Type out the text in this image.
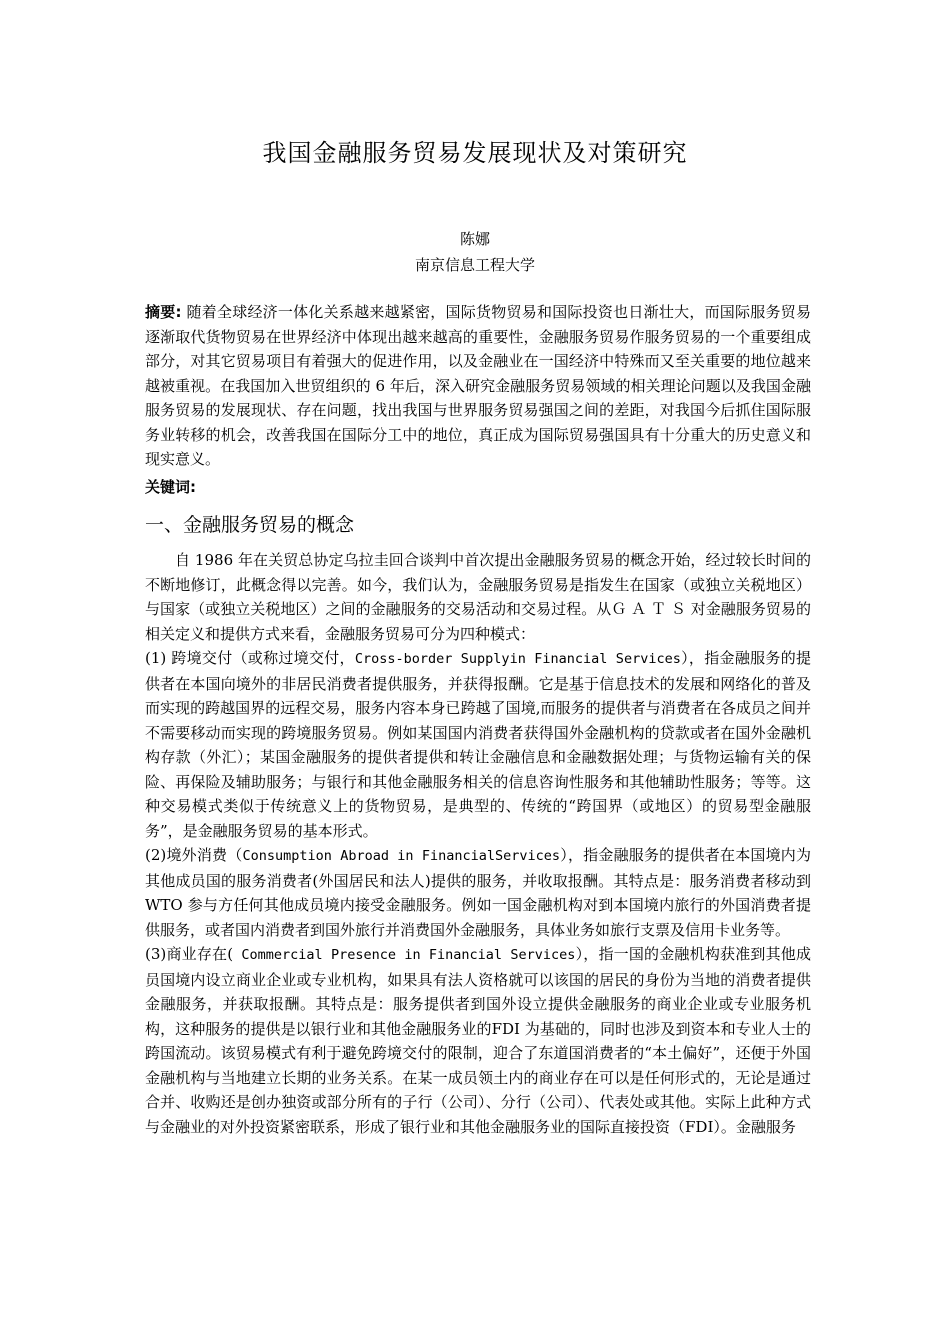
我国金融服务贸易发展现状及对策研究
陈娜
南京信息工程大学
摘要: 随着全球经济一体化关系越来越紧密，国际货物贸易和国际投资也日渐壮大，而国际服务贸易逐渐取代货物贸易在世界经济中体现出越来越高的重要性，金融服务贸易作服务贸易的一个重要组成部分，对其它贸易项目有着强大的促进作用，以及金融业在一国经济中特殊而又至关重要的地位越来越被重视。在我国加入世贸组织的 6 年后，深入研究金融服务贸易领域的相关理论问题以及我国金融服务贸易的发展现状、存在问题，找出我国与世界服务贸易强国之间的差距，对我国今后抓住国际服务业转移的机会，改善我国在国际分工中的地位，真正成为国际贸易强国具有十分重大的历史意义和现实意义。
关键词:
一、金融服务贸易的概念

自 1986 年在关贸总协定乌拉圭回合谈判中首次提出金融服务贸易的概念开始，经过较长时间的不断地修订，此概念得以完善。如今，我们认为，金融服务贸易是指发生在国家（或独立关税地区）与国家（或独立关税地区）之间的金融服务的交易活动和交易过程。从Ｇ Ａ Ｔ Ｓ 对金融服务贸易的相关定义和提供方式来看，金融服务贸易可分为四种模式：

(1) 跨境交付（或称过境交付，Cross-border Supplyin Financial Services），指金融服务的提供者在本国向境外的非居民消费者提供服务，并获得报酬。它是基于信息技术的发展和网络化的普及而实现的跨越国界的远程交易，服务内容本身已跨越了国境,而服务的提供者与消费者在各成员之间并不需要移动而实现的跨境服务贸易。例如某国国内消费者获得国外金融机构的贷款或者在国外金融机构存款（外汇）；某国金融服务的提供者提供和转让金融信息和金融数据处理；与货物运输有关的保险、再保险及辅助服务；与银行和其他金融服务相关的信息咨询性服务和其他辅助性服务；等等。这种交易模式类似于传统意义上的货物贸易，是典型的、传统的“跨国界（或地区）的贸易型金融服务”，是金融服务贸易的基本形式。

(2)境外消费（Consumption Abroad in FinancialServices），指金融服务的提供者在本国境内为其他成员国的服务消费者(外国居民和法人)提供的服务，并收取报酬。其特点是：服务消费者移动到WTO 参与方任何其他成员境内接受金融服务。例如一国金融机构对到本国境内旅行的外国消费者提供服务，或者国内消费者到国外旅行并消费国外金融服务，具体业务如旅行支票及信用卡业务等。

(3)商业存在( Commercial Presence in Financial Services），指一国的金融机构获准到其他成员国境内设立商业企业或专业机构，如果具有法人资格就可以该国的居民的身份为当地的消费者提供金融服务，并获取报酬。其特点是：服务提供者到国外设立提供金融服务的商业企业或专业服务机构，这种服务的提供是以银行业和其他金融服务业的FDI 为基础的，同时也涉及到资本和专业人士的跨国流动。该贸易模式有利于避免跨境交付的限制，迎合了东道国消费者的“本土偏好”，还便于外国金融机构与当地建立长期的业务关系。在某一成员领土内的商业存在可以是任何形式的，无论是通过合并、收购还是创办独资或部分所有的子行（公司）、分行（公司）、代表处或其他。实际上此种方式与金融业的对外投资紧密联系，形成了银行业和其他金融服务业的国际直接投资（FDI）。金融服务
